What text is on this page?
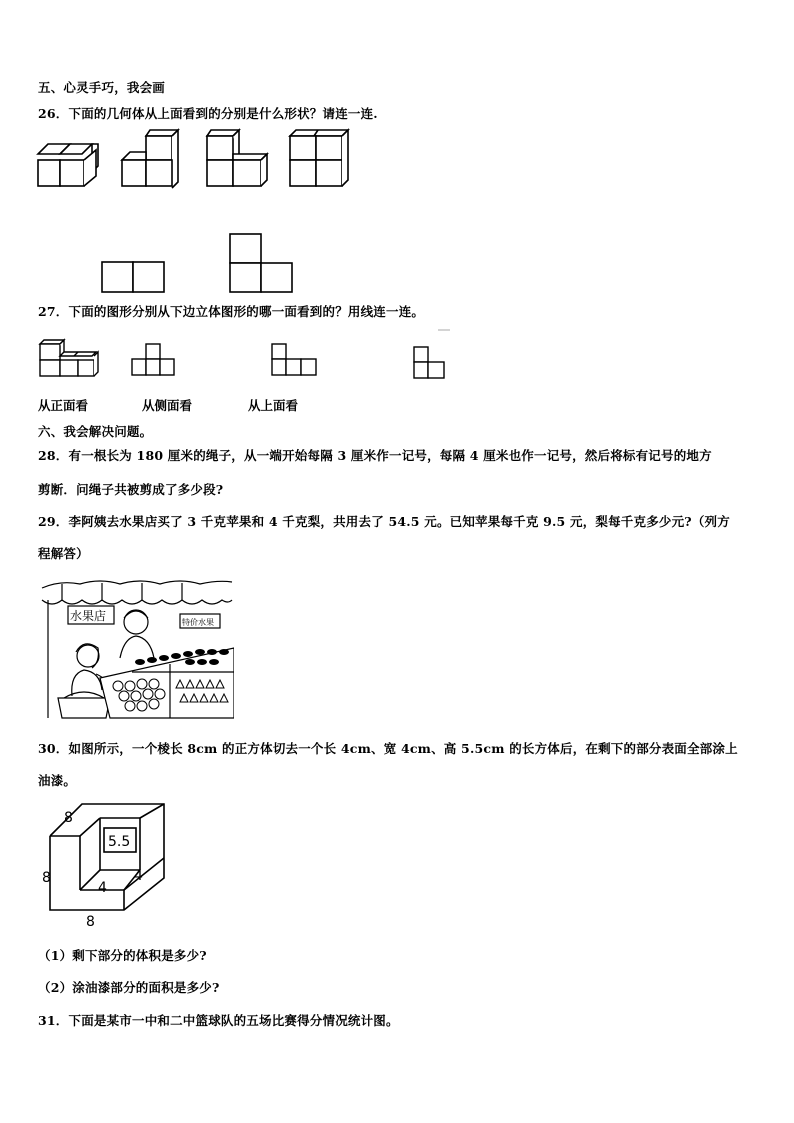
五、心灵手巧，我会画
26．下面的几何体从上面看到的分别是什么形状？请连一连.
27．下面的图形分别从下边立体图形的哪一面看到的？用线连一连。
从正面看	从侧面看	从上面看
六、我会解决问题。
28．有一根长为 180 厘米的绳子，从一端开始每隔 3 厘米作一记号，每隔 4 厘米也作一记号，然后将标有记号的地方
剪断．问绳子共被剪成了多少段?
29．李阿姨去水果店买了 3 千克苹果和 4 千克梨，共用去了 54.5 元。已知苹果每千克 9.5 元，梨每千克多少元?（列方
程解答）
水果店	特价水果
30．如图所示，一个棱长 8cm 的正方体切去一个长 4cm、宽 4cm、高 5.5cm 的长方体后，在剩下的部分表面全部涂上
油漆。
8
8
8
5.5
4
4
（1）剩下部分的体积是多少?
（2）涂油漆部分的面积是多少?
31．下面是某市一中和二中篮球队的五场比赛得分情况统计图。
